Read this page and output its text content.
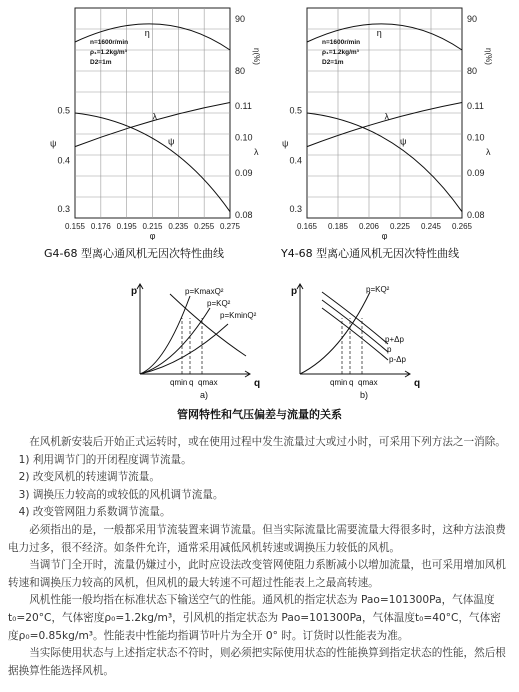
0.155 0.176 0.195 0.215 0.235 0.255 0.275
φ
0.5
0.4
0.3
ψ
90
80
η(%)
0.11
0.10
0.09
0.08
λ
n=1600r/min
ρ₁=1.2kg/m³
D2=1m
η
λ
ψ
0.165 0.185 0.206 0.225 0.245 0.265
φ
0.5
0.4
0.3
ψ
90
80
η(%)
0.11
0.10
0.09
0.08
λ
n=1600r/min
ρ₁=1.2kg/m³
D2=1m
η
λ
ψ
G4-68 型离心通风机无因次特性曲线	Y4-68 型离心通风机无因次特性曲线
p
q
a)
p=KmaxQ²
p=KQ²
p=KminQ²
qmin q qmax
p
q
b)
p=KQ²
p+Δp
p
p-Δp
qmin q qmax
管网特性和气压偏差与流量的关系

在风机新安装后开始正式运转时，或在使用过程中发生流量过大或过小时，可采用下列方法之一消除。

1) 利用调节门的开闭程度调节流量。

2) 改变风机的转速调节流量。

3) 调换压力较高的或较低的风机调节流量。

4) 改变管网阻力系数调节流量。

必须指出的是，一般都采用节流装置来调节流量。但当实际流量比需要流量大得很多时，这种方法浪费电力过多，很不经济。如条件允许，通常采用减低风机转速或调换压力较低的风机。

当调节门全开时，流量仍嫌过小，此时应设法改变管网使阻力系断减小以增加流量，也可采用增加风机转速和调换压力较高的风机，但风机的最大转速不可超过性能表上之最高转速。

风机性能一般均指在标准状态下输送空气的性能。通风机的指定状态为 Pao=101300Pa，气体温度t₀=20°C，气体密度ρ₀=1.2kg/m³，引风机的指定状态为 Pao=101300Pa，气体温度t₀=40°C，气体密度ρ₀=0.85kg/m³。性能表中性能均指调节叶片为全开 0° 时。订货时以性能表为准。

当实际使用状态与上述指定状态不符时，则必须把实际使用状态的性能换算到指定状态的性能，然后根据换算性能选择风机。
